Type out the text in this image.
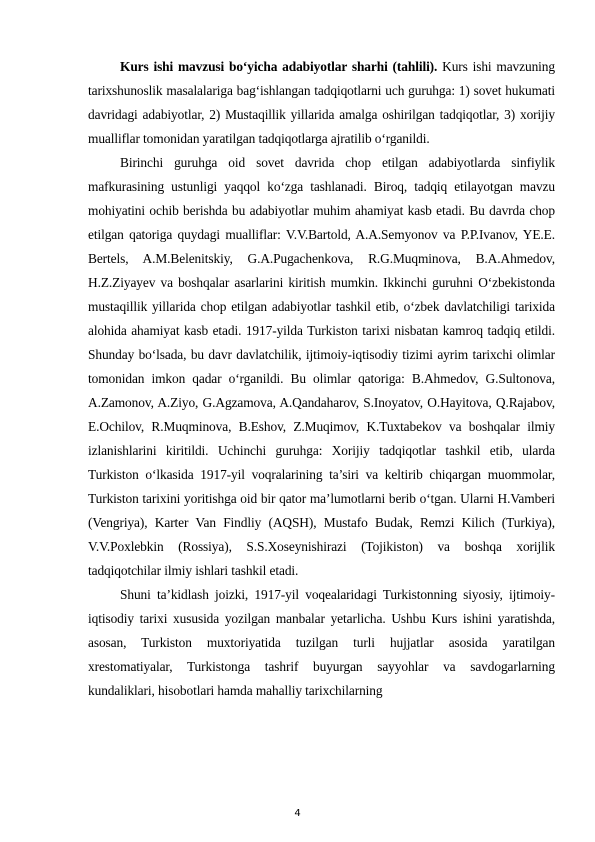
Kurs ishi mavzusi bo‘yicha adabiyotlar sharhi (tahlili). Kurs ishi mavzuning tarixshunoslik masalalariga bag‘ishlangan tadqiqotlarni uch guruhga: 1) sovet hukumati davridagi adabiyotlar, 2) Mustaqillik yillarida amalga oshirilgan tadqiqotlar, 3) xorijiy mualliflar tomonidan yaratilgan tadqiqotlarga ajratilib o‘rganildi.

Birinchi guruhga oid sovet davrida chop etilgan adabiyotlarda sinfiylik mafkurasining ustunligi yaqqol ko‘zga tashlanadi. Biroq, tadqiq etilayotgan mavzu mohiyatini ochib berishda bu adabiyotlar muhim ahamiyat kasb etadi. Bu davrda chop etilgan qatoriga quydagi mualliflar: V.V.Bartold, A.A.Semyonov va P.P.Ivanov, YE.E. Bertels, A.M.Belenitskiy, G.A.Pugachenkova, R.G.Muqminova, B.A.Ahmedov, H.Z.Ziyayev va boshqalar asarlarini kiritish mumkin. Ikkinchi guruhni O‘zbekistonda mustaqillik yillarida chop etilgan adabiyotlar tashkil etib, o‘zbek davlatchiligi tarixida alohida ahamiyat kasb etadi. 1917-yilda Turkiston tarixi nisbatan kamroq tadqiq etildi. Shunday bo‘lsada, bu davr davlatchilik, ijtimoiy-iqtisodiy tizimi ayrim tarixchi olimlar tomonidan imkon qadar o‘rganildi. Bu olimlar qatoriga: B.Ahmedov, G.Sultonova, A.Zamonov, A.Ziyo, G.Agzamova, A.Qandaharov, S.Inoyatov, O.Hayitova, Q.Rajabov, E.Ochilov, R.Muqminova, B.Eshov, Z.Muqimov, K.Tuxtabekov va boshqalar ilmiy izlanishlarini kiritildi. Uchinchi guruhga: Xorijiy tadqiqotlar tashkil etib, ularda Turkiston o‘lkasida 1917-yil voqralarining ta’siri va keltirib chiqargan muommolar, Turkiston tarixini yoritishga oid bir qator ma’lumotlarni berib o‘tgan. Ularni H.Vamberi (Vengriya), Karter Van Findliy (AQSH), Mustafo Budak, Remzi Kilich (Turkiya), V.V.Poxlebkin (Rossiya), S.S.Xoseynishirazi (Tojikiston) va boshqa xorijlik tadqiqotchilar ilmiy ishlari tashkil etadi.

Shuni ta’kidlash joizki, 1917-yil voqealaridagi Turkistonning siyosiy, ijtimoiy-iqtisodiy tarixi xususida yozilgan manbalar yetarlicha. Ushbu Kurs ishini yaratishda, asosan, Turkiston muxtoriyatida tuzilgan turli hujjatlar asosida yaratilgan xrestomatiyalar, Turkistonga tashrif buyurgan sayyohlar va savdogarlarning kundaliklari, hisobotlari hamda mahalliy tarixchilarning

4
